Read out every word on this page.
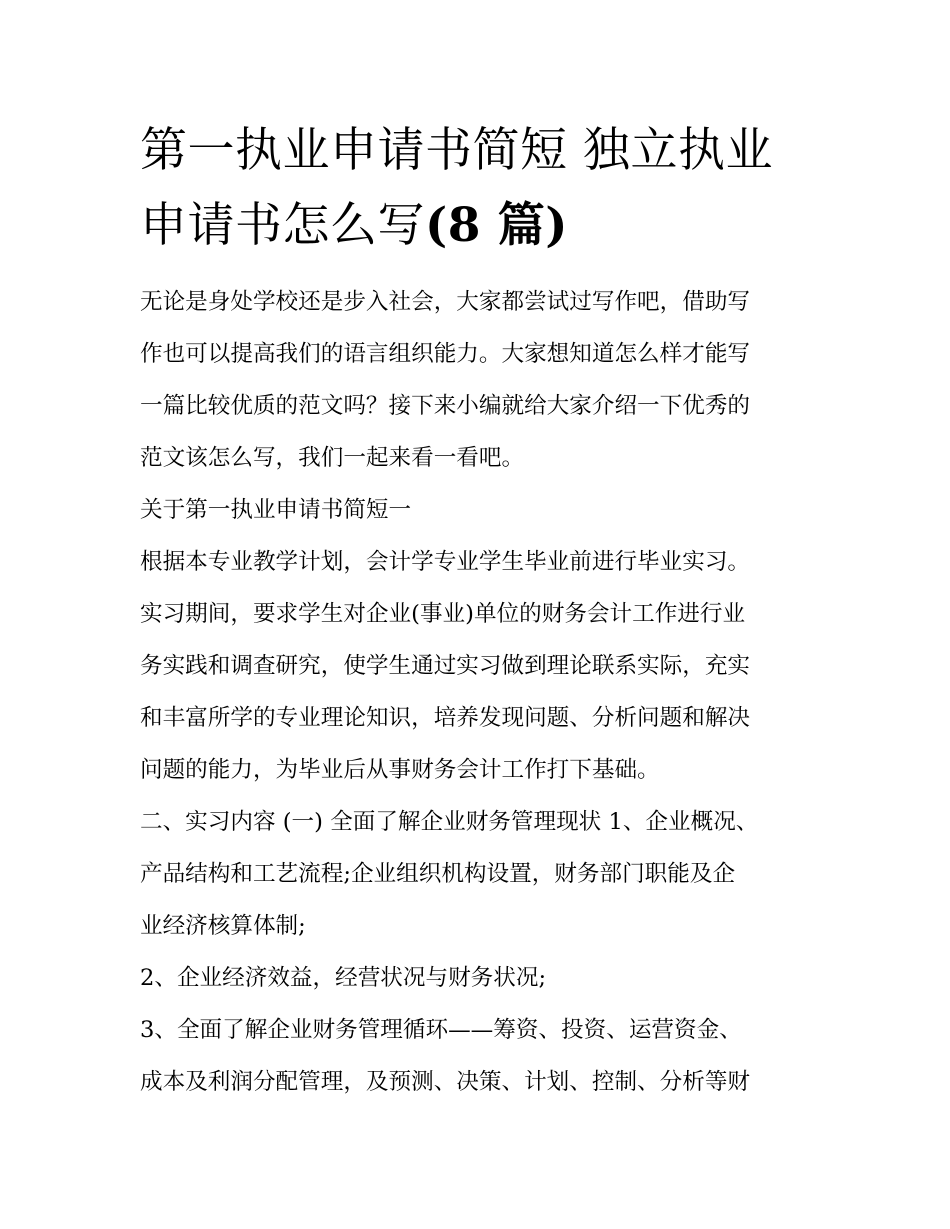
第一执业申请书简短 独立执业
申请书怎么写(8 篇)
无论是身处学校还是步入社会，大家都尝试过写作吧，借助写
作也可以提高我们的语言组织能力。大家想知道怎么样才能写
一篇比较优质的范文吗？接下来小编就给大家介绍一下优秀的
范文该怎么写，我们一起来看一看吧。
关于第一执业申请书简短一
根据本专业教学计划，会计学专业学生毕业前进行毕业实习。
实习期间，要求学生对企业(事业)单位的财务会计工作进行业
务实践和调查研究，使学生通过实习做到理论联系实际，充实
和丰富所学的专业理论知识，培养发现问题、分析问题和解决
问题的能力，为毕业后从事财务会计工作打下基础。
二、实习内容 (一) 全面了解企业财务管理现状 1、企业概况、
产品结构和工艺流程;企业组织机构设置，财务部门职能及企
业经济核算体制;
2、企业经济效益，经营状况与财务状况;
3、全面了解企业财务管理循环——筹资、投资、运营资金、
成本及利润分配管理，及预测、决策、计划、控制、分析等财
